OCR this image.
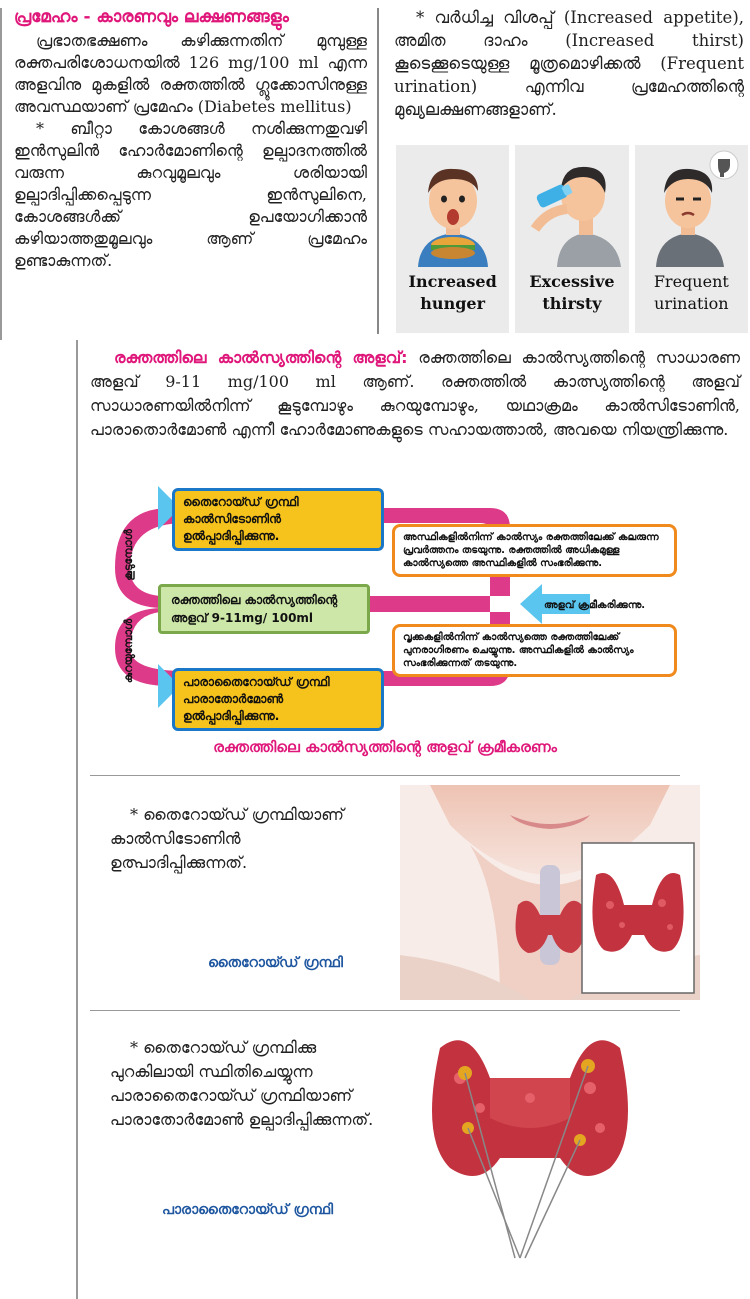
പ്രമേഹം - കാരണവും ലക്ഷണങ്ങളും

പ്രഭാതഭക്ഷണം കഴിക്കുന്നതിന് മുമ്പുള്ള രക്തപരിശോധനയിൽ 126 mg/100 ml എന്ന അളവിനു മുകളിൽ രക്തത്തിൽ ഗ്ലൂക്കോസിനുള്ള അവസ്ഥയാണ് പ്രമേഹം (Diabetes mellitus)

* ബീറ്റാ കോശങ്ങൾ നശിക്കുന്നതുവഴി ഇൻസുലിൻ ഹോർമോണിന്റെ ഉല്പാദനത്തിൽ വരുന്ന കുറവുമൂലവും ശരിയായി ഉല്പാദിപ്പിക്കപ്പെടുന്ന ഇൻസുലിനെ, കോശങ്ങൾക്ക് ഉപയോഗിക്കാൻ കഴിയാത്തതുമൂലവും ആണ് പ്രമേഹം ഉണ്ടാകുന്നത്.

* വർധിച്ച വിശപ്പ് (Increased appetite), അമിത ദാഹം (Increased thirst) കൂടെക്കൂടെയുള്ള മൂത്രമൊഴിക്കൽ (Frequent urination) എന്നിവ പ്രമേഹത്തിന്റെ മുഖ്യലക്ഷണങ്ങളാണ്.

Increased
hunger
Excessive
thirsty
Frequent
urination

രക്തത്തിലെ കാൽസ്യത്തിന്റെ അളവ്: രക്തത്തിലെ കാൽസ്യത്തിന്റെ സാധാരണ അളവ് 9-11 mg/100 ml ആണ്. രക്തത്തിൽ കാത്സ്യത്തിന്റെ അളവ് സാധാരണയിൽനിന്ന് കൂടുമ്പോഴും കുറയുമ്പോഴും, യഥാക്രമം കാൽസിടോണിൻ, പാരാതൊർമോൺ എന്നീ ഹോർമോണുകളുടെ സഹായത്താൽ, അവയെ നിയന്ത്രിക്കുന്നു.

തൈറോയ്ഡ് ഗ്രന്ഥി കാൽസിടോണിൻ ഉൽപ്പാദിപ്പിക്കുന്നു.
രക്തത്തിലെ കാൽസ്യത്തിന്റെ അളവ് 9-11mg/ 100ml
പാരാതൈറോയ്ഡ് ഗ്രന്ഥി പാരാതോർമോൺ ഉൽപ്പാദിപ്പിക്കുന്നു.
അസ്ഥികളിൽനിന്ന് കാൽസ്യം രക്തത്തിലേക്ക് കലരുന്ന പ്രവർത്തനം തടയുന്നു. രക്തത്തിൽ അധികമുള്ള കാൽസ്യത്തെ അസ്ഥികളിൽ സംഭരിക്കുന്നു.
വൃക്കകളിൽനിന്ന് കാൽസ്യത്തെ രക്തത്തിലേക്ക് പുനരാഗിരണം ചെയ്യുന്നു. അസ്ഥികളിൽ കാൽസ്യം സംഭരിക്കുന്നത് തടയുന്നു.
അളവ് ക്രമീകരിക്കുന്നു.
കൂടുമ്പോൾ
കുറയുമ്പോൾ
രക്തത്തിലെ കാൽസ്യത്തിന്റെ അളവ് ക്രമീകരണം

* തൈറോയ്ഡ് ഗ്രന്ഥിയാണ് കാൽസിടോണിൻ ഉത്പാദിപ്പിക്കുന്നത്.

തൈറോയ്ഡ് ഗ്രന്ഥി

* തൈറോയ്ഡ് ഗ്രന്ഥിക്കു പുറകിലായി സ്ഥിതിചെയ്യുന്ന പാരാതൈറോയ്ഡ് ഗ്രന്ഥിയാണ് പാരാതോർമോൺ ഉല്പാദിപ്പിക്കുന്നത്.

പാരാതൈറോയ്ഡ് ഗ്രന്ഥി
